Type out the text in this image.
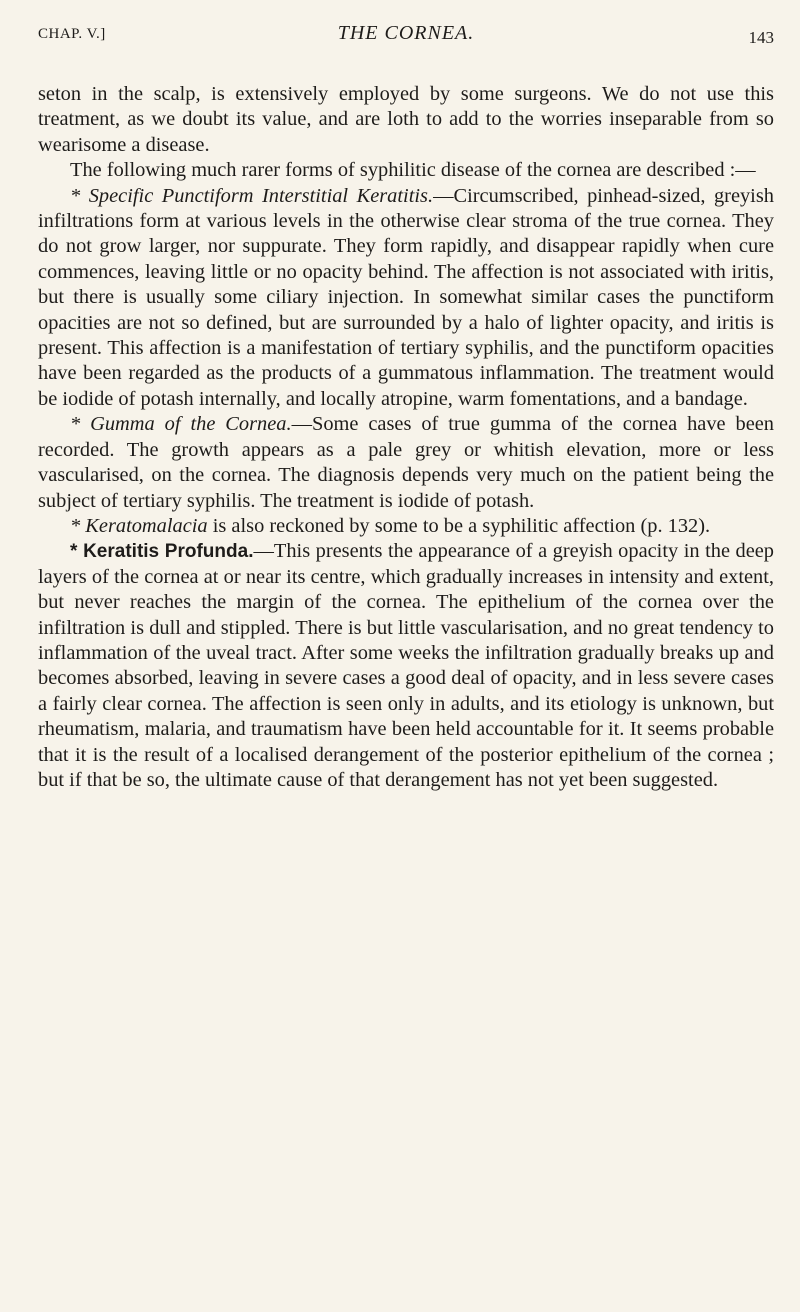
CHAP. V.]	THE CORNEA.	143

seton in the scalp, is extensively employed by some surgeons. We do not use this treatment, as we doubt its value, and are loth to add to the worries inseparable from so wearisome a disease.

The following much rarer forms of syphilitic disease of the cornea are described :—

* Specific Punctiform Interstitial Keratitis.—Circumscribed, pinhead-sized, greyish infiltrations form at various levels in the otherwise clear stroma of the true cornea. They do not grow larger, nor suppurate. They form rapidly, and disappear rapidly when cure commences, leaving little or no opacity behind. The affection is not associated with iritis, but there is usually some ciliary injection. In somewhat similar cases the punctiform opacities are not so defined, but are surrounded by a halo of lighter opacity, and iritis is present. This affection is a manifestation of tertiary syphilis, and the punctiform opacities have been regarded as the products of a gummatous inflammation. The treatment would be iodide of potash internally, and locally atropine, warm fomentations, and a bandage.

* Gumma of the Cornea.—Some cases of true gumma of the cornea have been recorded. The growth appears as a pale grey or whitish elevation, more or less vascularised, on the cornea. The diagnosis depends very much on the patient being the subject of tertiary syphilis. The treatment is iodide of potash.

* Keratomalacia is also reckoned by some to be a syphilitic affection (p. 132).

* Keratitis Profunda.—This presents the appearance of a greyish opacity in the deep layers of the cornea at or near its centre, which gradually increases in intensity and extent, but never reaches the margin of the cornea. The epithelium of the cornea over the infiltration is dull and stippled. There is but little vascularisation, and no great tendency to inflammation of the uveal tract. After some weeks the infiltration gradually breaks up and becomes absorbed, leaving in severe cases a good deal of opacity, and in less severe cases a fairly clear cornea. The affection is seen only in adults, and its etiology is unknown, but rheumatism, malaria, and traumatism have been held accountable for it. It seems probable that it is the result of a localised derangement of the posterior epithelium of the cornea ; but if that be so, the ultimate cause of that derangement has not yet been suggested.
